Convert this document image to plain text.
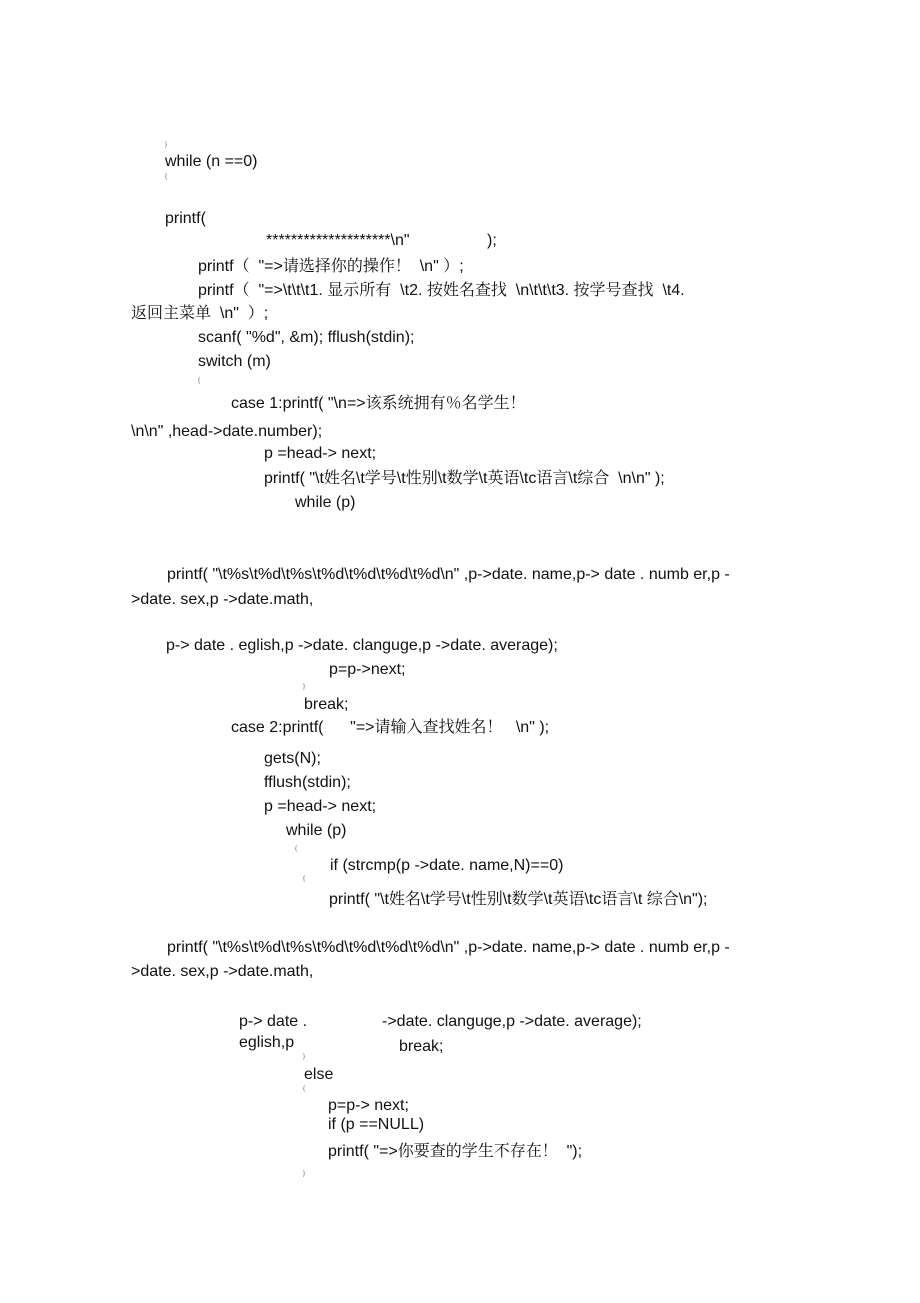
}
while (n ==0)
{
printf(
********************\n"	);
printf（  "=>请选择你的操作！  \n" ）;
printf（  "=>\t\t\t1. 显示所有  \t2. 按姓名查找  \n\t\t\t3. 按学号查找  \t4.
返回主菜单  \n"  ）;
scanf( "%d", &m); fflush(stdin);
switch (m)
{
case 1:printf( "\n=>该系统拥有％名学生！
\n\n" ,head->date.number);
p =head-> next;
printf( "\t姓名\t学号\t性别\t数学\t英语\tc语言\t综合  \n\n" );
while (p)
printf( "\t%s\t%d\t%s\t%d\t%d\t%d\t%d\n" ,p->date. name,p-> date . numb er,p -
>date. sex,p ->date.math,
p-> date . eglish,p ->date. clanguge,p ->date. average);
p=p->next;
}
break;
case 2:printf(      "=>请输入查找姓名！   \n" );
gets(N);
fflush(stdin);
p =head-> next;
while (p)
{
if (strcmp(p ->date. name,N)==0)
{
printf( "\t姓名\t学号\t性别\t数学\t英语\tc语言\t 综合\n");
printf( "\t%s\t%d\t%s\t%d\t%d\t%d\t%d\n" ,p->date. name,p-> date . numb er,p -
>date. sex,p ->date.math,
p-> date .	->date. clanguge,p ->date. average);
eglish,p	break;
}
else
{
p=p-> next;
if (p ==NULL)
printf( "=>你要查的学生不存在！  ");
}
